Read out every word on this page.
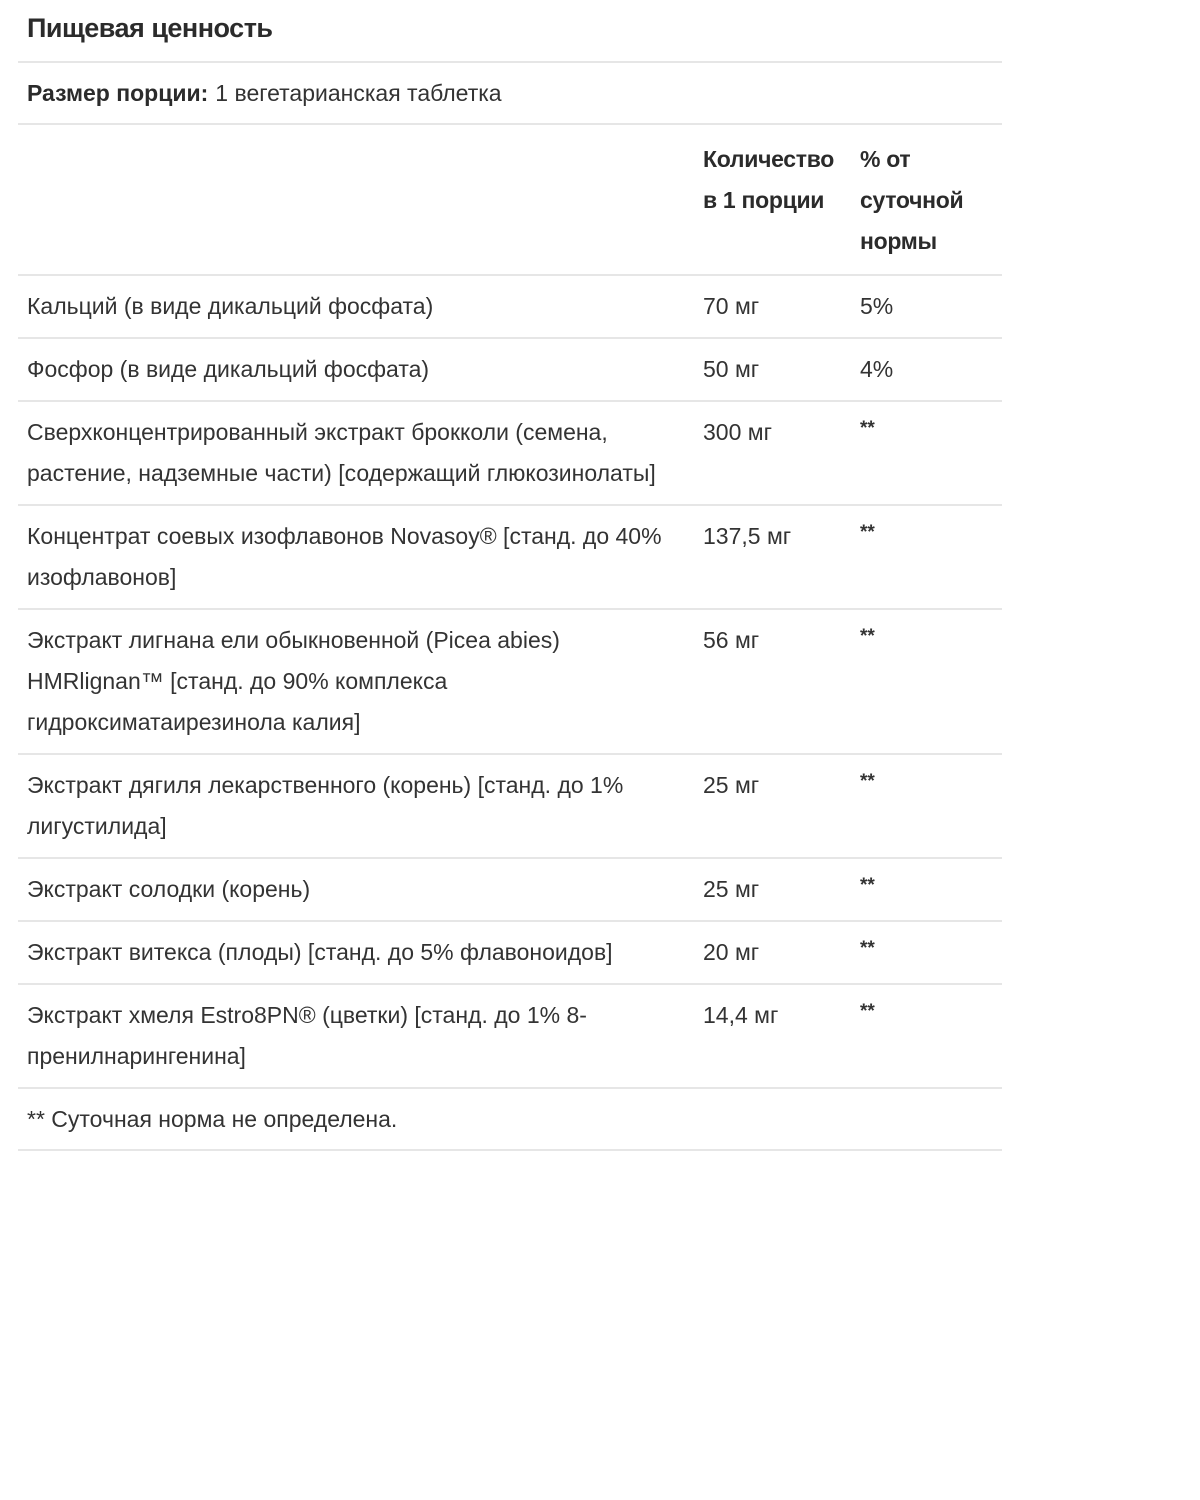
Пищевая ценность
Размер порции: 1 вегетарианская таблетка
	Количество в 1 порции	% от суточной нормы
Кальций (в виде дикальций фосфата)	70 мг	5%
Фосфор (в виде дикальций фосфата)	50 мг	4%
Сверхконцентрированный экстракт брокколи (семена, растение, надземные части) [содержащий глюкозинолаты]	300 мг	**
Концентрат соевых изофлавонов Novasoy® [станд. до 40% изофлавонов]	137,5 мг	**
Экстракт лигнана ели обыкновенной (Picea abies) HMRlignan™ [станд. до 90% комплекса гидроксиматаирезинола калия]	56 мг	**
Экстракт дягиля лекарственного (корень) [станд. до 1% лигустилида]	25 мг	**
Экстракт солодки (корень)	25 мг	**
Экстракт витекса (плоды) [станд. до 5% флавоноидов]	20 мг	**
Экстракт хмеля Estro8PN® (цветки) [станд. до 1% 8-пренилнарингенина]	14,4 мг	**
** Суточная норма не определена.
